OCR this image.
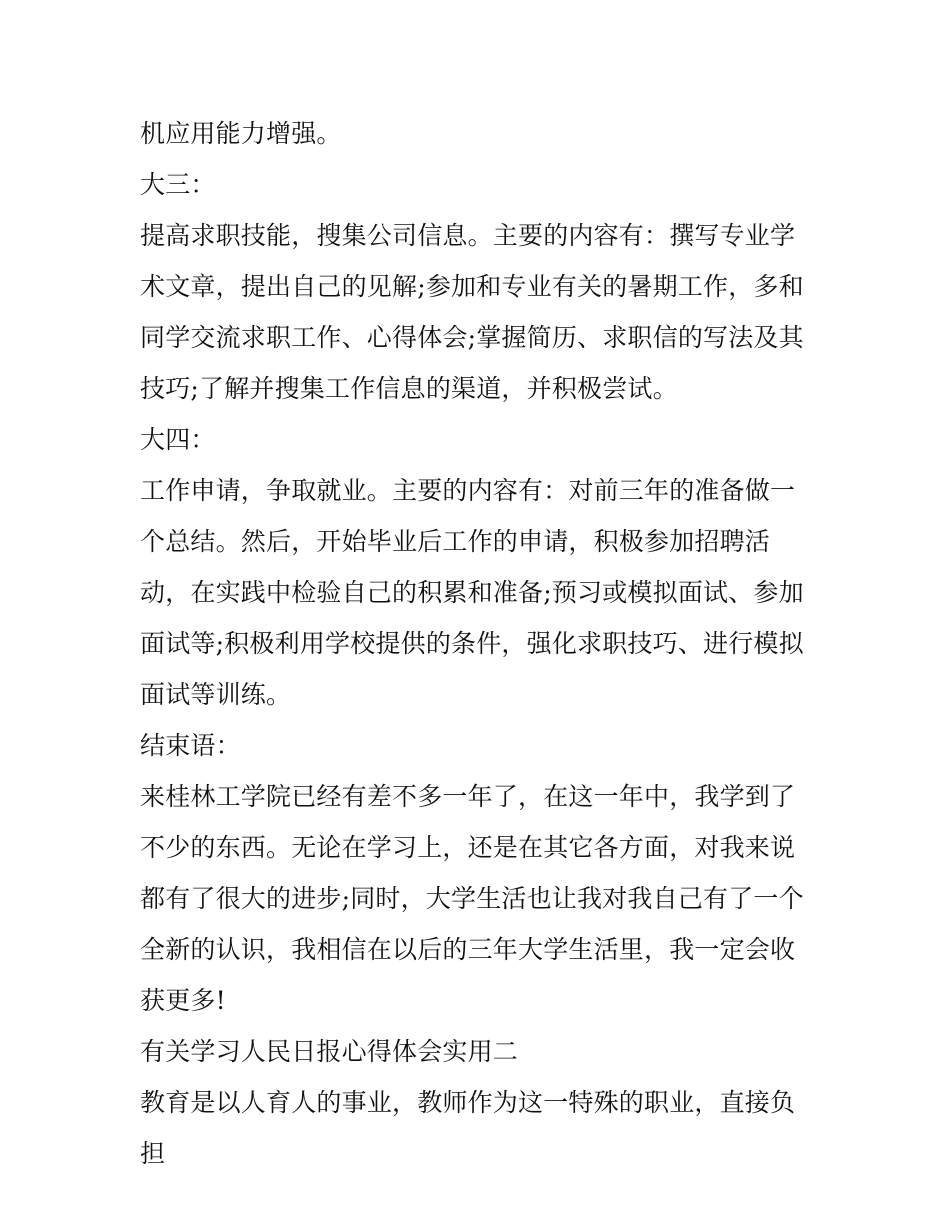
机应用能力增强。

大三：

提高求职技能，搜集公司信息。主要的内容有：撰写专业学术文章，提出自己的见解;参加和专业有关的暑期工作，多和同学交流求职工作、心得体会;掌握简历、求职信的写法及其技巧;了解并搜集工作信息的渠道，并积极尝试。

大四：

工作申请，争取就业。主要的内容有：对前三年的准备做一个总结。然后，开始毕业后工作的申请，积极参加招聘活动，在实践中检验自己的积累和准备;预习或模拟面试、参加面试等;积极利用学校提供的条件，强化求职技巧、进行模拟面试等训练。

结束语：

来桂林工学院已经有差不多一年了，在这一年中，我学到了不少的东西。无论在学习上，还是在其它各方面，对我来说都有了很大的进步;同时，大学生活也让我对我自己有了一个全新的认识，我相信在以后的三年大学生活里，我一定会收获更多!

有关学习人民日报心得体会实用二

教育是以人育人的事业，教师作为这一特殊的职业，直接负担
